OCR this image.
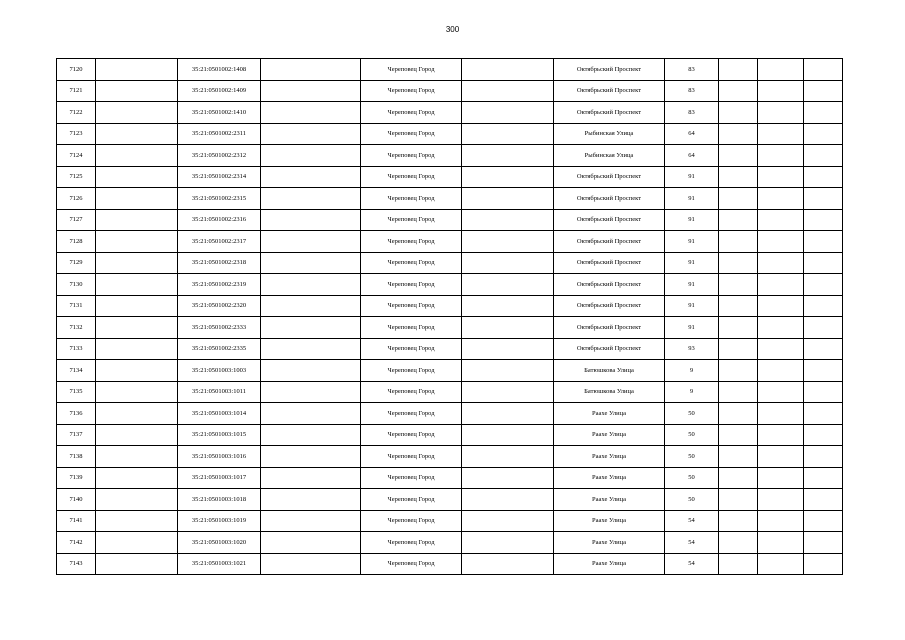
300
7120		35:21:0501002:1408		Череповец Город		Октябрьский Проспект	83			
7121		35:21:0501002:1409		Череповец Город		Октябрьский Проспект	83			
7122		35:21:0501002:1410		Череповец Город		Октябрьский Проспект	83			
7123		35:21:0501002:2311		Череповец Город		Рыбинская Улица	64			
7124		35:21:0501002:2312		Череповец Город		Рыбинская Улица	64			
7125		35:21:0501002:2314		Череповец Город		Октябрьский Проспект	91			
7126		35:21:0501002:2315		Череповец Город		Октябрьский Проспект	91			
7127		35:21:0501002:2316		Череповец Город		Октябрьский Проспект	91			
7128		35:21:0501002:2317		Череповец Город		Октябрьский Проспект	91			
7129		35:21:0501002:2318		Череповец Город		Октябрьский Проспект	91			
7130		35:21:0501002:2319		Череповец Город		Октябрьский Проспект	91			
7131		35:21:0501002:2320		Череповец Город		Октябрьский Проспект	91			
7132		35:21:0501002:2333		Череповец Город		Октябрьский Проспект	91			
7133		35:21:0501002:2335		Череповец Город		Октябрьский Проспект	93			
7134		35:21:0501003:1003		Череповец Город		Батюшкова Улица	9			
7135		35:21:0501003:1011		Череповец Город		Батюшкова Улица	9			
7136		35:21:0501003:1014		Череповец Город		Раахе Улица	50			
7137		35:21:0501003:1015		Череповец Город		Раахе Улица	50			
7138		35:21:0501003:1016		Череповец Город		Раахе Улица	50			
7139		35:21:0501003:1017		Череповец Город		Раахе Улица	50			
7140		35:21:0501003:1018		Череповец Город		Раахе Улица	50			
7141		35:21:0501003:1019		Череповец Город		Раахе Улица	54			
7142		35:21:0501003:1020		Череповец Город		Раахе Улица	54			
7143		35:21:0501003:1021		Череповец Город		Раахе Улица	54			
